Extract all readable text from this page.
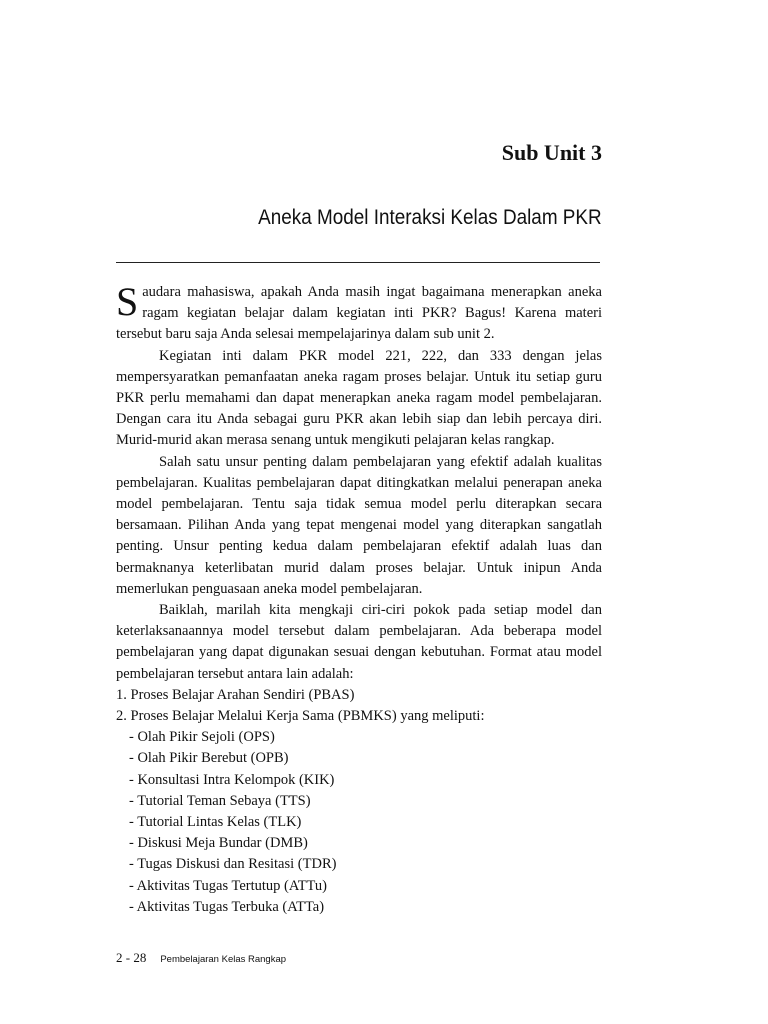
Sub Unit 3
Aneka Model Interaksi Kelas Dalam PKR

Saudara mahasiswa, apakah Anda masih ingat bagaimana menerapkan aneka ragam kegiatan belajar dalam kegiatan inti PKR? Bagus! Karena materi tersebut baru saja Anda selesai mempelajarinya dalam sub unit 2.

Kegiatan inti dalam PKR model 221, 222, dan 333 dengan jelas mempersyaratkan pemanfaatan aneka ragam proses belajar. Untuk itu setiap guru PKR perlu memahami dan dapat menerapkan aneka ragam model pembelajaran. Dengan cara itu Anda sebagai guru PKR akan lebih siap dan lebih percaya diri. Murid-murid akan merasa senang untuk mengikuti pelajaran kelas rangkap.

Salah satu unsur penting dalam pembelajaran yang efektif adalah kualitas pembelajaran. Kualitas pembelajaran dapat ditingkatkan melalui penerapan aneka model pembelajaran. Tentu saja tidak semua model perlu diterapkan secara bersamaan. Pilihan Anda yang tepat mengenai model yang diterapkan sangatlah penting. Unsur penting kedua dalam pembelajaran efektif adalah luas dan bermaknanya keterlibatan murid dalam proses belajar. Untuk inipun Anda memerlukan penguasaan aneka model pembelajaran.

Baiklah, marilah kita mengkaji ciri-ciri pokok pada setiap model dan keterlaksanaannya model tersebut dalam pembelajaran. Ada beberapa model pembelajaran yang dapat digunakan sesuai dengan kebutuhan. Format atau model pembelajaran tersebut antara lain adalah:

1. Proses Belajar Arahan Sendiri (PBAS)

2. Proses Belajar Melalui Kerja Sama (PBMKS) yang meliputi:

- Olah Pikir Sejoli (OPS)

- Olah Pikir Berebut (OPB)

- Konsultasi Intra Kelompok (KIK)

- Tutorial Teman Sebaya (TTS)

- Tutorial Lintas Kelas (TLK)

- Diskusi Meja Bundar (DMB)

- Tugas Diskusi dan Resitasi (TDR)

- Aktivitas Tugas Tertutup (ATTu)

- Aktivitas Tugas Terbuka (ATTa)

2 - 28 Pembelajaran Kelas Rangkap
